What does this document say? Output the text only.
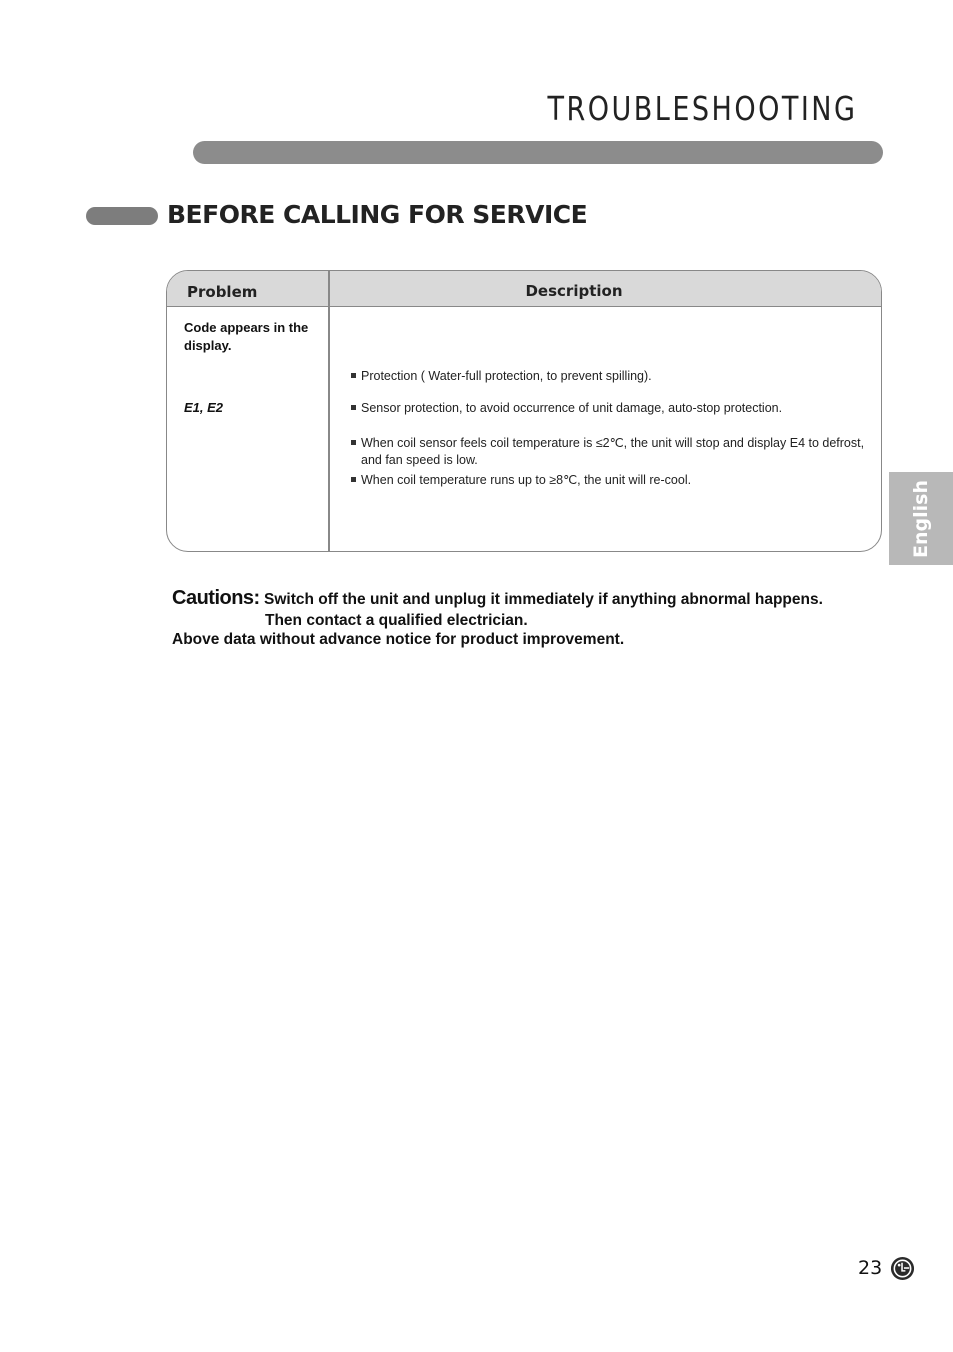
TROUBLESHOOTING
BEFORE CALLING FOR SERVICE
Problem	Description
Code appears in the display.
E1, E2
Protection ( Water-full protection, to prevent spilling).
Sensor protection, to avoid occurrence of unit damage, auto-stop protection.
When coil sensor feels coil temperature is ≤2℃, the unit will stop and display E4 to defrost,
and fan speed is low.
When coil temperature runs up to ≥8℃, the unit will re-cool.
Cautions: Switch off the unit and unplug it immediately if anything abnormal happens.
Then contact a qualified electrician.
Above data without advance notice for product improvement.
English
23
